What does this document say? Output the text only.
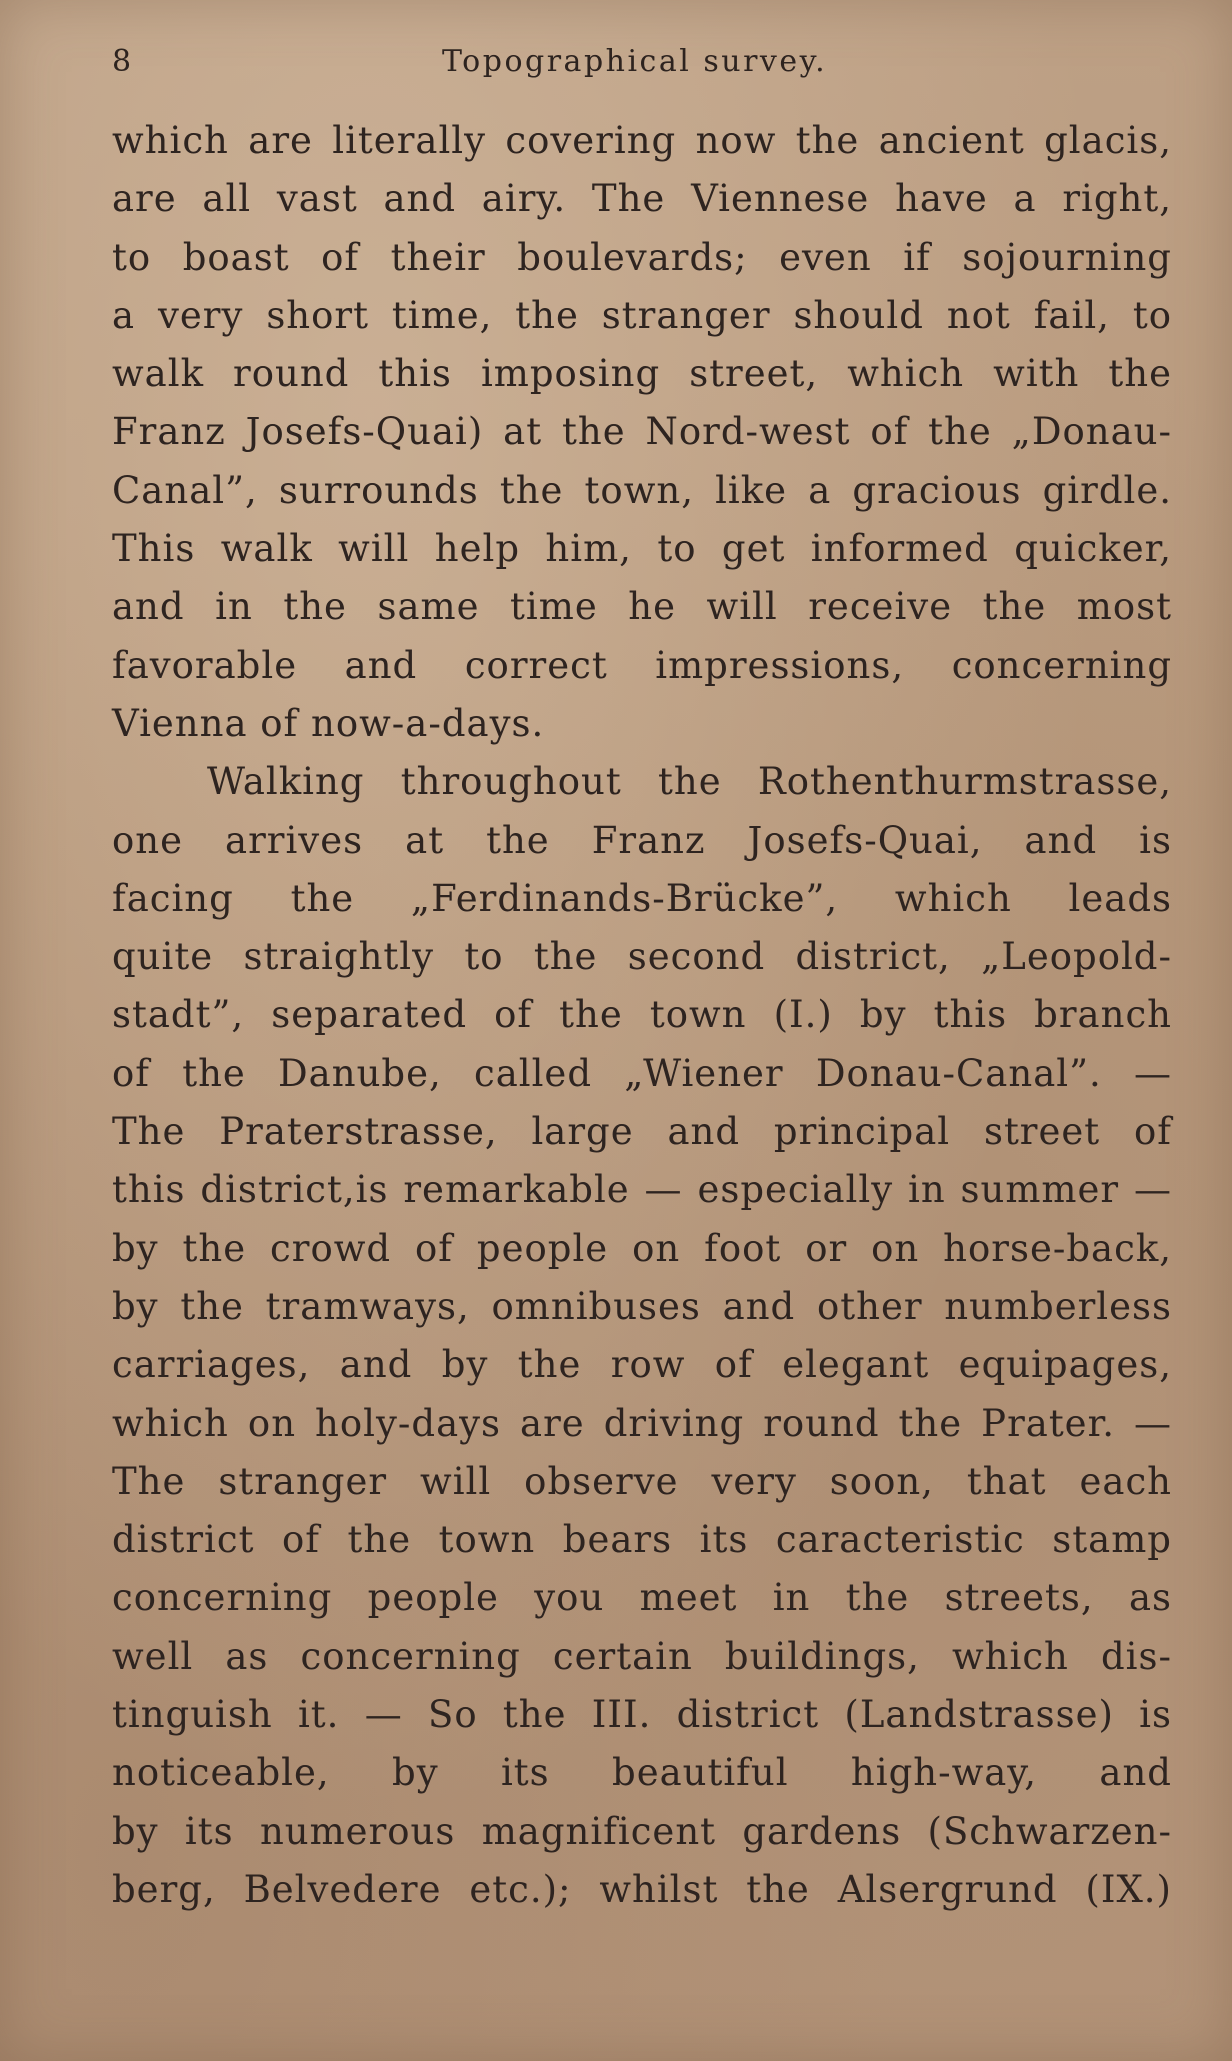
8	Topographical survey.
which are literally covering now the ancient glacis,
are all vast and airy. The Viennese have a right,
to boast of their boulevards; even if sojourning
a very short time, the stranger should not fail, to
walk round this imposing street, which with the
Franz Josefs-Quai) at the Nord-west of the „Donau-
Canal”, surrounds the town, like a gracious girdle.
This walk will help him, to get informed quicker,
and in the same time he will receive the most
favorable and correct impressions, concerning
Vienna of now-a-days.
Walking throughout the Rothenthurmstrasse,
one arrives at the Franz Josefs-Quai, and is
facing the „Ferdinands-Brücke”, which leads
quite straightly to the second district, „Leopold-
stadt”, separated of the town (I.) by this branch
of the Danube, called „Wiener Donau-Canal”. —
The Praterstrasse, large and principal street of
this district,is remarkable — especially in summer —
by the crowd of people on foot or on horse-back,
by the tramways, omnibuses and other numberless
carriages, and by the row of elegant equipages,
which on holy-days are driving round the Prater. —
The stranger will observe very soon, that each
district of the town bears its caracteristic stamp
concerning people you meet in the streets, as
well as concerning certain buildings, which dis-
tinguish it. — So the III. district (Landstrasse) is
noticeable, by its beautiful high-way, and
by its numerous magnificent gardens (Schwarzen-
berg, Belvedere etc.); whilst the Alsergrund (IX.)
